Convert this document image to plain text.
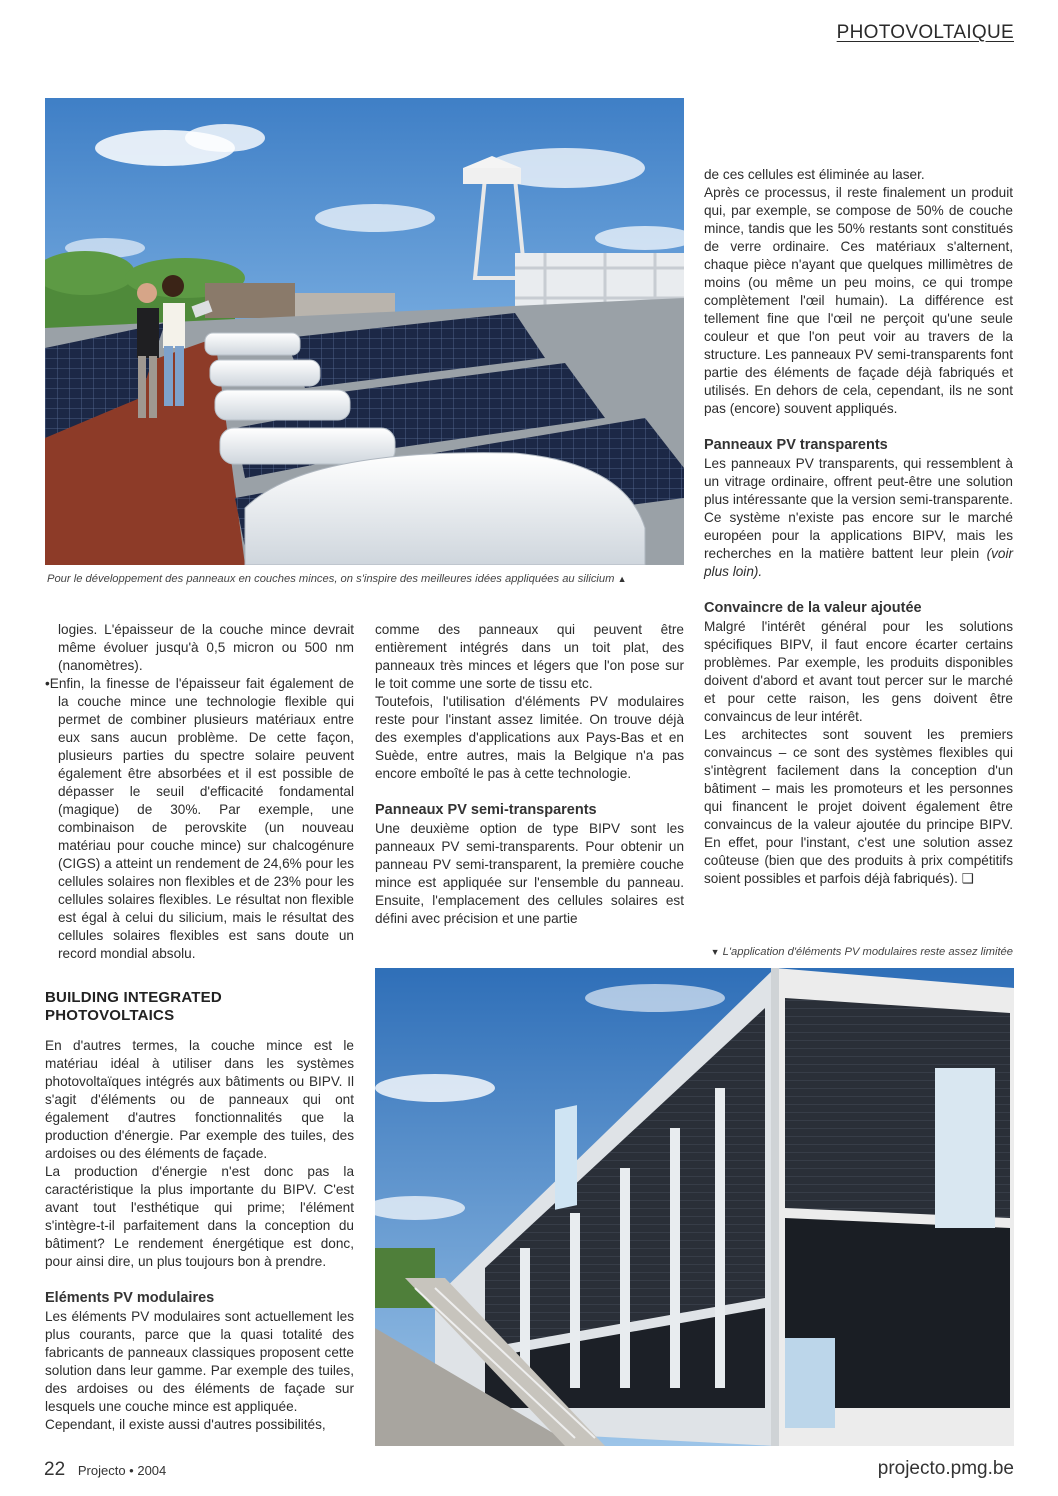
PHOTOVOLTAIQUE
Pour le développement des panneaux en couches minces, on s'inspire des meilleures idées appliquées au silicium ▲

logies. L'épaisseur de la couche mince devrait même évoluer jusqu'à 0,5 micron ou 500 nm (nanomètres).

•Enfin, la finesse de l'épaisseur fait également de la couche mince une technologie flexible qui permet de combiner plusieurs matériaux entre eux sans aucun problème. De cette façon, plusieurs parties du spectre solaire peuvent également être absorbées et il est possible de dépasser le seuil d'efficacité fondamental (magique) de 30%. Par exemple, une combinaison de perovskite (un nouveau matériau pour couche mince) sur chalcogénure (CIGS) a atteint un rendement de 24,6% pour les cellules solaires non flexibles et de 23% pour les cellules solaires flexibles. Le résultat non flexible est égal à celui du silicium, mais le résultat des cellules solaires flexibles est sans doute un record mondial absolu.

BUILDING INTEGRATED PHOTOVOLTAICS

En d'autres termes, la couche mince est le matériau idéal à utiliser dans les systèmes photovoltaïques intégrés aux bâtiments ou BIPV. Il s'agit d'éléments ou de panneaux qui ont également d'autres fonctionnalités que la production d'énergie. Par exemple des tuiles, des ardoises ou des éléments de façade.

La production d'énergie n'est donc pas la caractéristique la plus importante du BIPV. C'est avant tout l'esthétique qui prime; l'élément s'intègre-t-il parfaitement dans la conception du bâtiment? Le rendement énergétique est donc, pour ainsi dire, un plus toujours bon à prendre.

Eléments PV modulaires

Les éléments PV modulaires sont actuellement les plus courants, parce que la quasi totalité des fabricants de panneaux classiques proposent cette solution dans leur gamme. Par exemple des tuiles, des ardoises ou des éléments de façade sur lesquels une couche mince est appliquée.

Cependant, il existe aussi d'autres possibilités,

comme des panneaux qui peuvent être entièrement intégrés dans un toit plat, des panneaux très minces et légers que l'on pose sur le toit comme une sorte de tissu etc.

Toutefois, l'utilisation d'éléments PV modulaires reste pour l'instant assez limitée. On trouve déjà des exemples d'applications aux Pays-Bas et en Suède, entre autres, mais la Belgique n'a pas encore emboîté le pas à cette technologie.

Panneaux PV semi-transparents

Une deuxième option de type BIPV sont les panneaux PV semi-transparents. Pour obtenir un panneau PV semi-transparent, la première couche mince est appliquée sur l'ensemble du panneau. Ensuite, l'emplacement des cellules solaires est défini avec précision et une partie

de ces cellules est éliminée au laser.

Après ce processus, il reste finalement un produit qui, par exemple, se compose de 50% de couche mince, tandis que les 50% restants sont constitués de verre ordinaire. Ces matériaux s'alternent, chaque pièce n'ayant que quelques millimètres de moins (ou même un peu moins, ce qui trompe complètement l'œil humain). La différence est tellement fine que l'œil ne perçoit qu'une seule couleur et que l'on peut voir au travers de la structure. Les panneaux PV semi-transparents font partie des éléments de façade déjà fabriqués et utilisés. En dehors de cela, cependant, ils ne sont pas (encore) souvent appliqués.

Panneaux PV transparents

Les panneaux PV transparents, qui ressemblent à un vitrage ordinaire, offrent peut-être une solution plus intéressante que la version semi-transparente. Ce système n'existe pas encore sur le marché européen pour la applications BIPV, mais les recherches en la matière battent leur plein (voir plus loin).

Convaincre de la valeur ajoutée

Malgré l'intérêt général pour les solutions spécifiques BIPV, il faut encore écarter certains problèmes. Par exemple, les produits disponibles doivent d'abord et avant tout percer sur le marché et pour cette raison, les gens doivent être convaincus de leur intérêt.

Les architectes sont souvent les premiers convaincus – ce sont des systèmes flexibles qui s'intègrent facilement dans la conception d'un bâtiment – mais les promoteurs et les personnes qui financent le projet doivent également être convaincus de la valeur ajoutée du principe BIPV. En effet, pour l'instant, c'est une solution assez coûteuse (bien que des produits à prix compétitifs soient possibles et parfois déjà fabriqués). ❑

▼ L'application d'éléments PV modulaires reste assez limitée
22 Projecto • 2004	projecto.pmg.be
